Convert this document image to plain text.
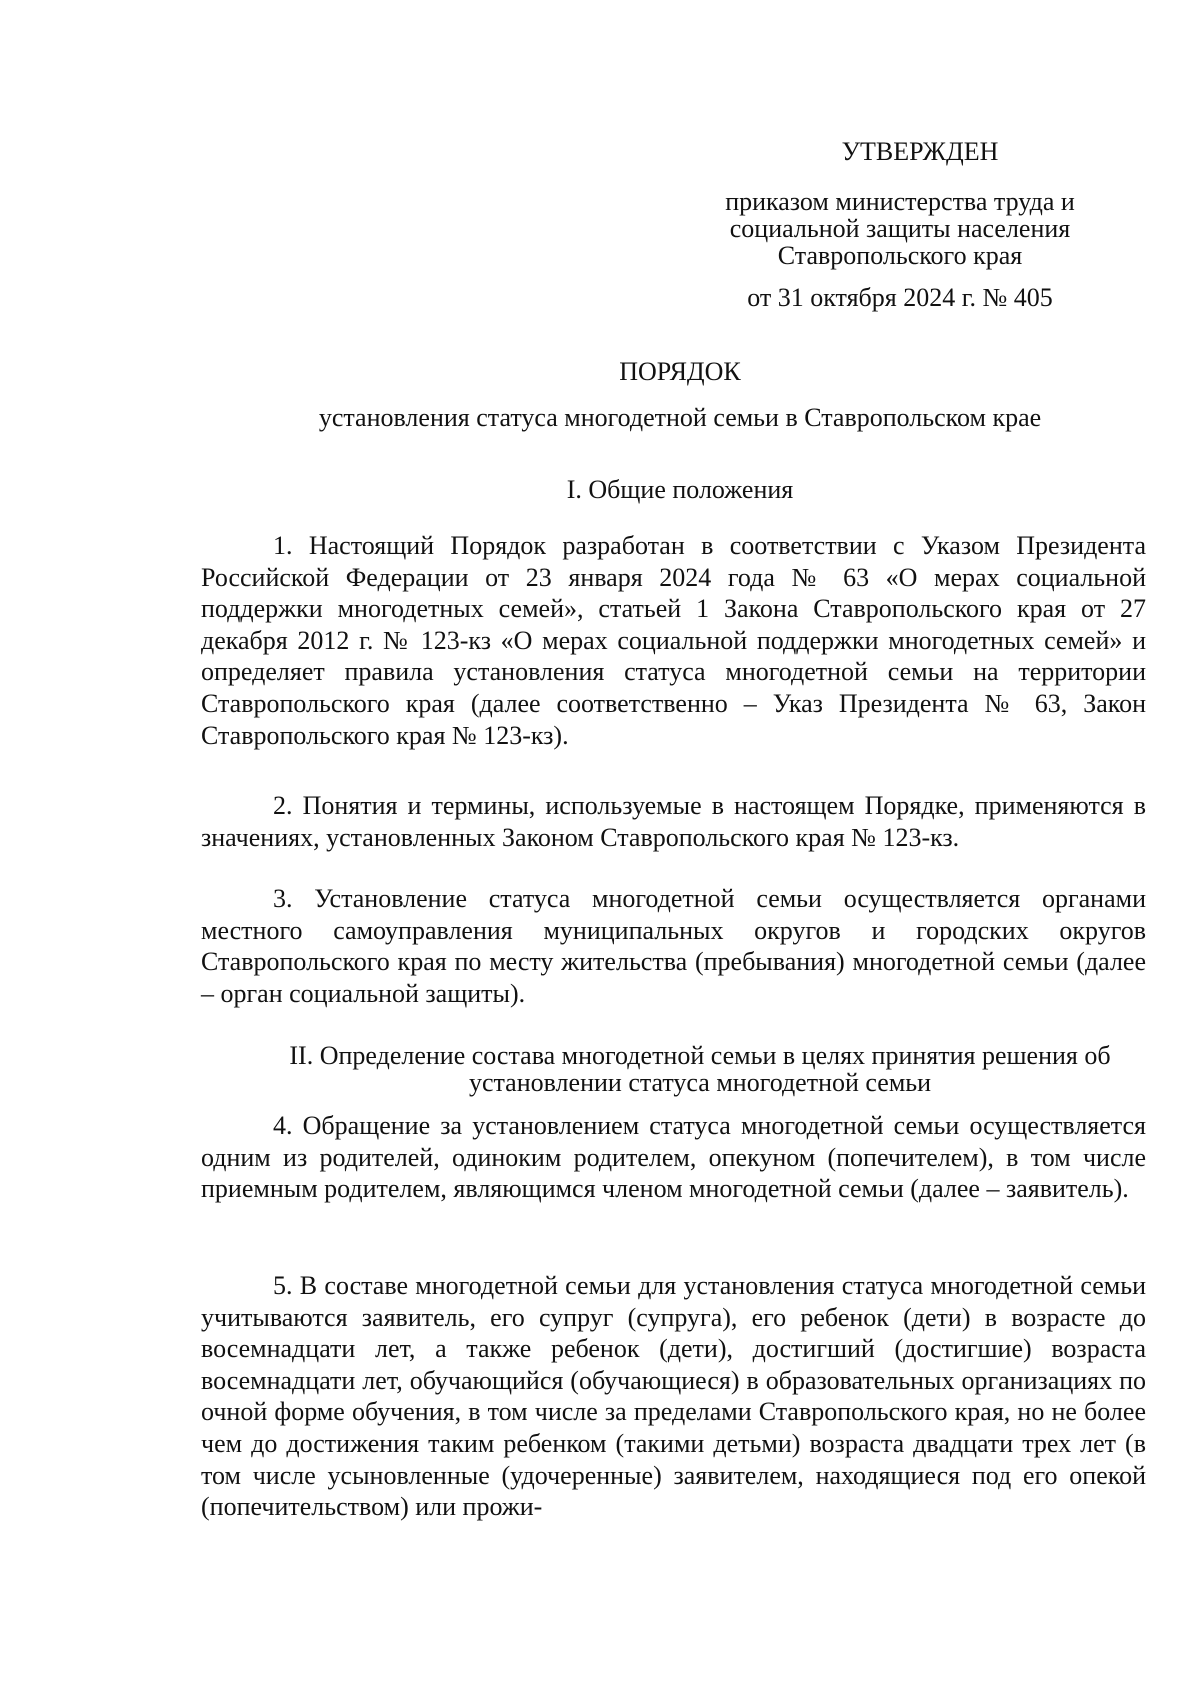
УТВЕРЖДЕН
приказом министерства труда и социальной защиты населения Ставропольского края
от 31 октября 2024 г. № 405
ПОРЯДОК
установления статуса многодетной семьи в Ставропольском крае
I. Общие положения

1. Настоящий Порядок разработан в соответствии с Указом Президента Российской Федерации от 23 января 2024 года № 63 «О мерах социальной поддержки многодетных семей», статьей 1 Закона Ставропольского края от 27 декабря 2012 г. № 123-кз «О мерах социальной поддержки многодетных семей» и определяет правила установления статуса многодетной семьи на территории Ставропольского края (далее соответственно – Указ Президента № 63, Закон Ставропольского края № 123-кз).

2. Понятия и термины, используемые в настоящем Порядке, применяются в значениях, установленных Законом Ставропольского края № 123-кз.

3. Установление статуса многодетной семьи осуществляется органами местного самоуправления муниципальных округов и городских округов Ставропольского края по месту жительства (пребывания) многодетной семьи (далее – орган социальной защиты).

II. Определение состава многодетной семьи в целях принятия решения об установлении статуса многодетной семьи

4. Обращение за установлением статуса многодетной семьи осуществляется одним из родителей, одиноким родителем, опекуном (попечителем), в том числе приемным родителем, являющимся членом многодетной семьи (далее – заявитель).

5. В составе многодетной семьи для установления статуса многодетной семьи учитываются заявитель, его супруг (супруга), его ребенок (дети) в возрасте до восемнадцати лет, а также ребенок (дети), достигший (достигшие) возраста восемнадцати лет, обучающийся (обучающиеся) в образовательных организациях по очной форме обучения, в том числе за пределами Ставропольского края, но не более чем до достижения таким ребенком (такими детьми) возраста двадцати трех лет (в том числе усыновленные (удочеренные) заявителем, находящиеся под его опекой (попечительством) или прожи-
